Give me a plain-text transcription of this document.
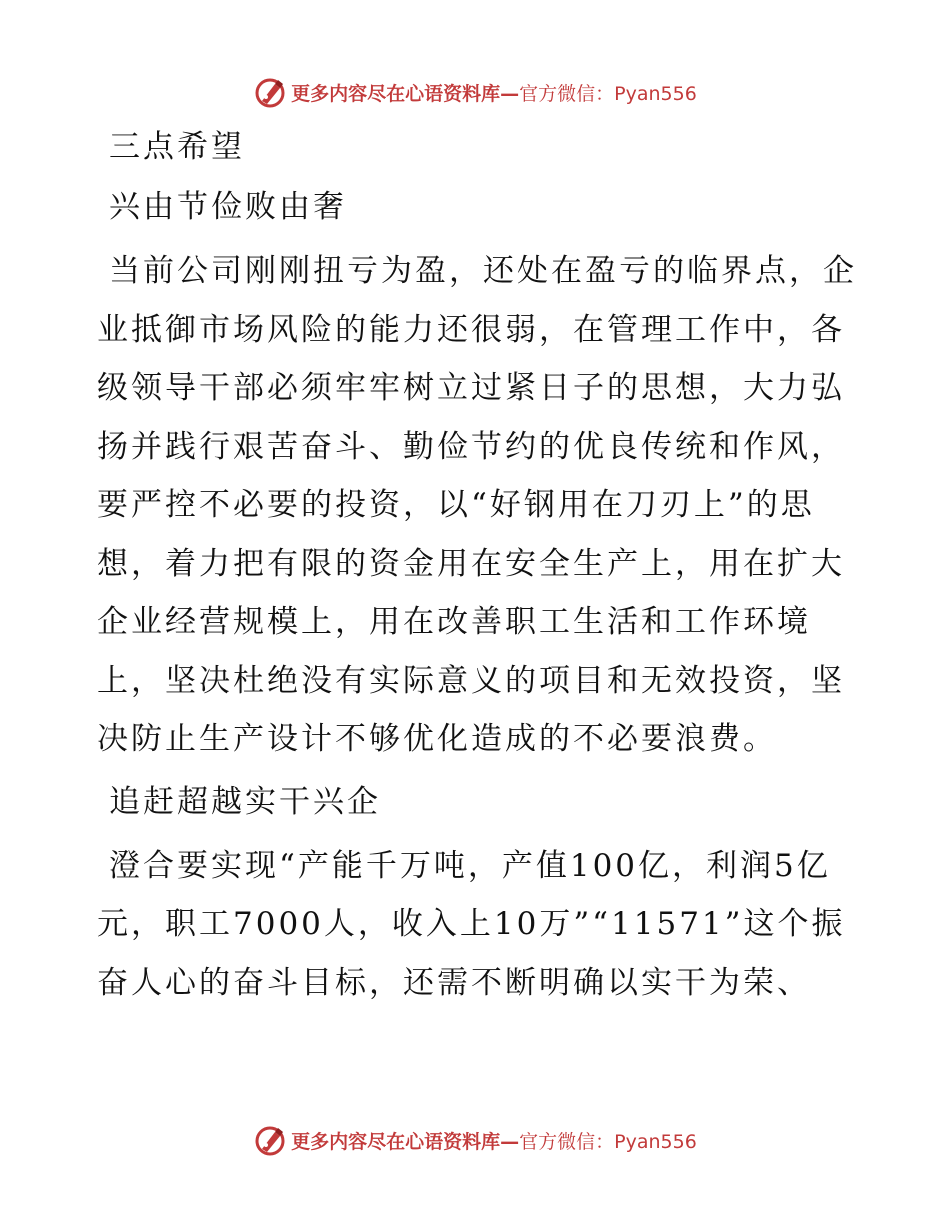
更多内容尽在心语资料库—官方微信：Pyan556
三点希望
兴由节俭败由奢
当前公司刚刚扭亏为盈，还处在盈亏的临界点，企业抵御市场风险的能力还很弱，在管理工作中，各级领导干部必须牢牢树立过紧日子的思想，大力弘扬并践行艰苦奋斗、勤俭节约的优良传统和作风，要严控不必要的投资，以“好钢用在刀刃上”的思想，着力把有限的资金用在安全生产上，用在扩大企业经营规模上，用在改善职工生活和工作环境上，坚决杜绝没有实际意义的项目和无效投资，坚决防止生产设计不够优化造成的不必要浪费。
追赶超越实干兴企
澄合要实现“产能千万吨，产值100亿，利润5亿元，职工7000人，收入上10万”“11571”这个振奋人心的奋斗目标，还需不断明确以实干为荣、
更多内容尽在心语资料库—官方微信：Pyan556
